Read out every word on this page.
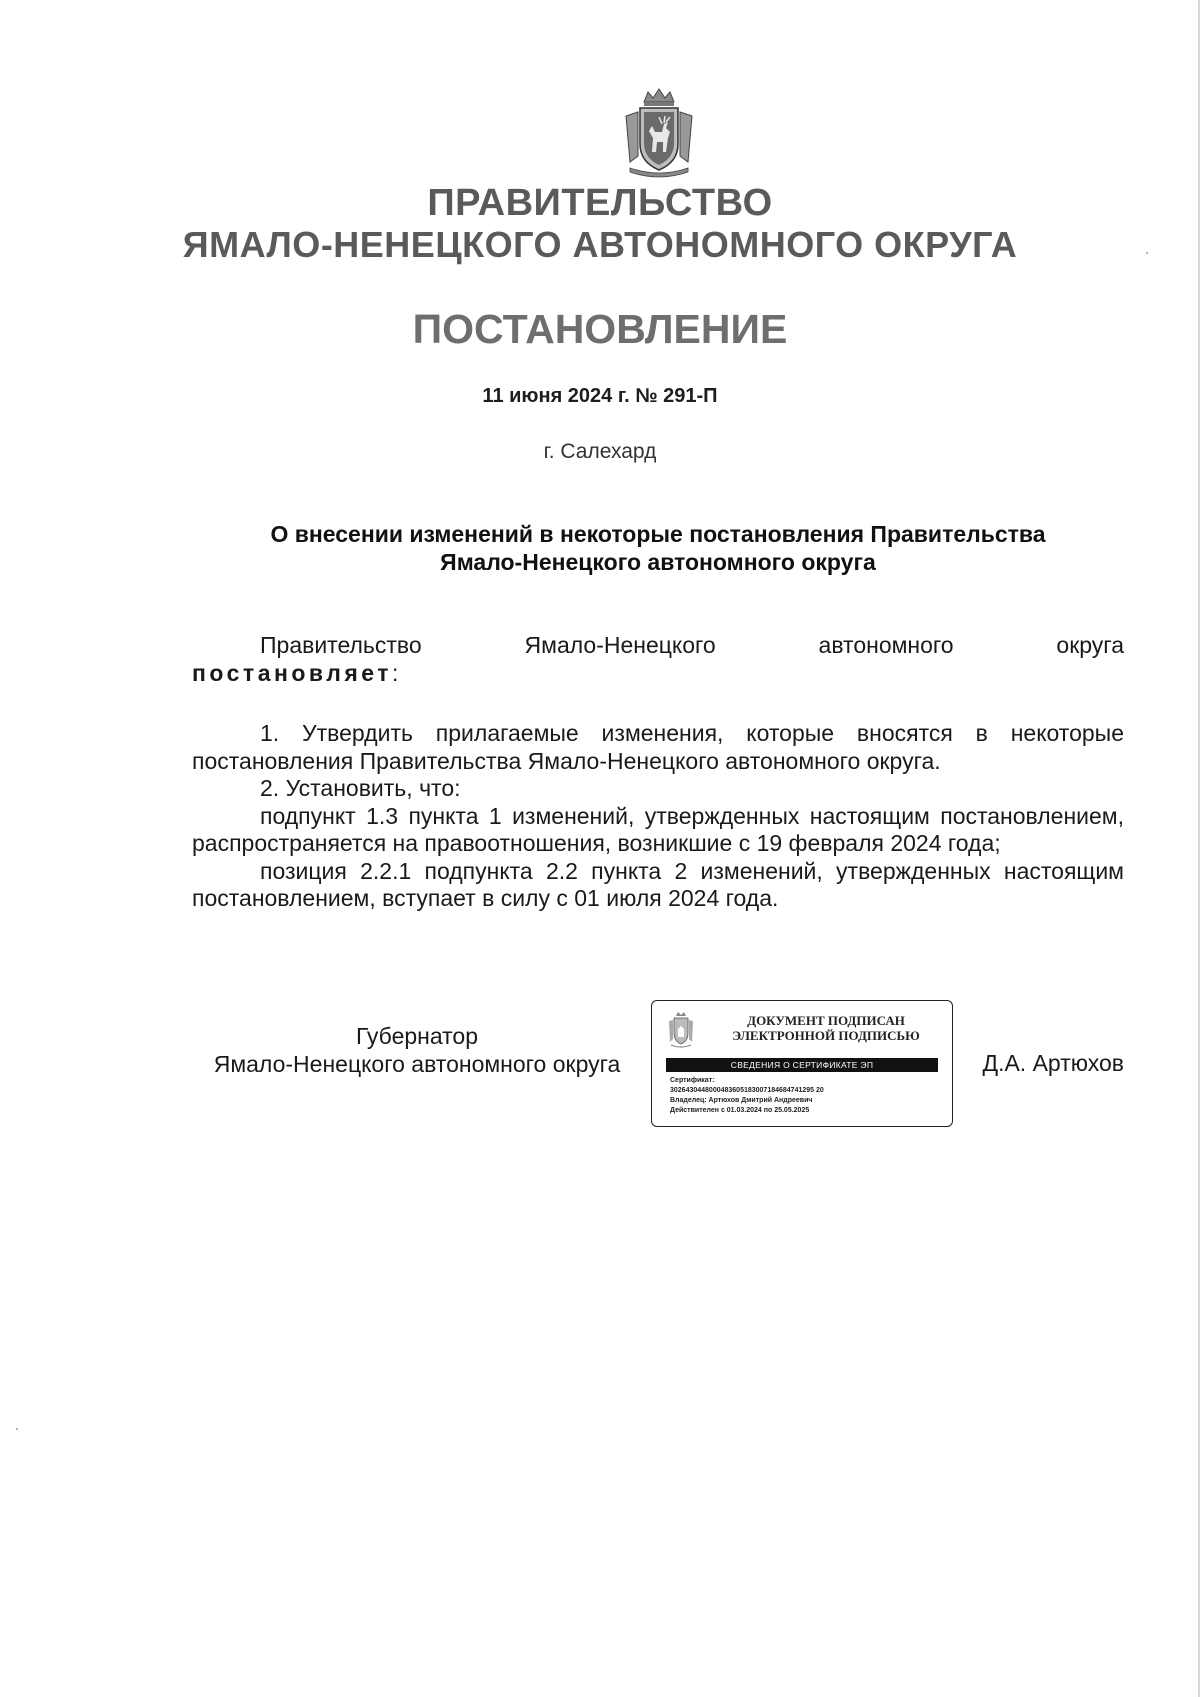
ПРАВИТЕЛЬСТВО
ЯМАЛО-НЕНЕЦКОГО АВТОНОМНОГО ОКРУГА
ПОСТАНОВЛЕНИЕ
11 июня 2024 г. № 291-П
г. Салехард
О внесении изменений в некоторые постановления Правительства
Ямало-Ненецкого автономного округа
Правительство	Ямало-Ненецкого	автономного	округа
постановляет:

1. Утвердить прилагаемые изменения, которые вносятся в некоторые постановления Правительства Ямало-Ненецкого автономного округа.

2. Установить, что:

подпункт 1.3 пункта 1 изменений, утвержденных настоящим постановлением, распространяется на правоотношения, возникшие с 19 февраля 2024 года;

позиция 2.2.1 подпункта 2.2 пункта 2 изменений, утвержденных настоящим постановлением, вступает в силу с 01 июля 2024 года.

Губернатор
Ямало-Ненецкого автономного округа
ДОКУМЕНТ ПОДПИСАН
ЭЛЕКТРОННОЙ ПОДПИСЬЮ
СВЕДЕНИЯ О СЕРТИФИКАТЕ ЭП
Сертификат:
3026430448000483605183007184684741295 20
Владелец: Артюхов Дмитрий Андреевич
Действителен с 01.03.2024 по 25.05.2025
Д.А. Артюхов
